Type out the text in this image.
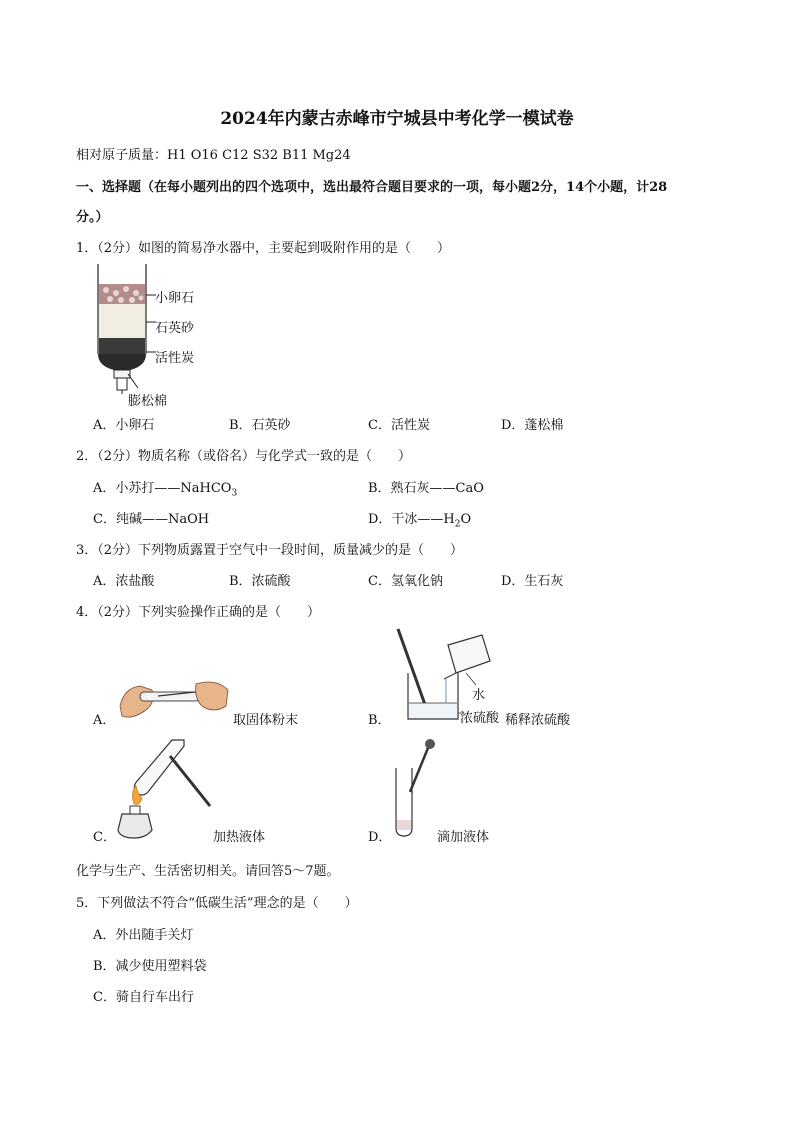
2024年内蒙古赤峰市宁城县中考化学一模试卷
相对原子质量：H1 O16 C12 S32 B11 Mg24
一、选择题（在每小题列出的四个选项中，选出最符合题目要求的一项，每小题2分，14个小题，计28
分。）
1．（2分）如图的简易净水器中，主要起到吸附作用的是（　　）
小卵石
石英砂
活性炭
膨松棉
A．小卵石	B．石英砂	C．活性炭	D．蓬松棉
2．（2分）物质名称（或俗名）与化学式一致的是（　　）
A．小苏打——NaHCO$_3$	B．熟石灰——CaO
C．纯碱——NaOH	D．干冰$——H_2O$
3．（2分）下列物质露置于空气中一段时间，质量减少的是（　　）
A．浓盐酸	B．浓硫酸	C．氢氧化钠	D．生石灰
4．（2分）下列实验操作正确的是（　　）
A．	取固体粉末
水
B．	浓硫酸 稀释浓硫酸
C．	加热液体	D．	滴加液体
化学与生产、生活密切相关。请回答5～7题。
5．下列做法不符合“低碳生活”理念的是（　　）
A．外出随手关灯
B．减少使用塑料袋
C．骑自行车出行
